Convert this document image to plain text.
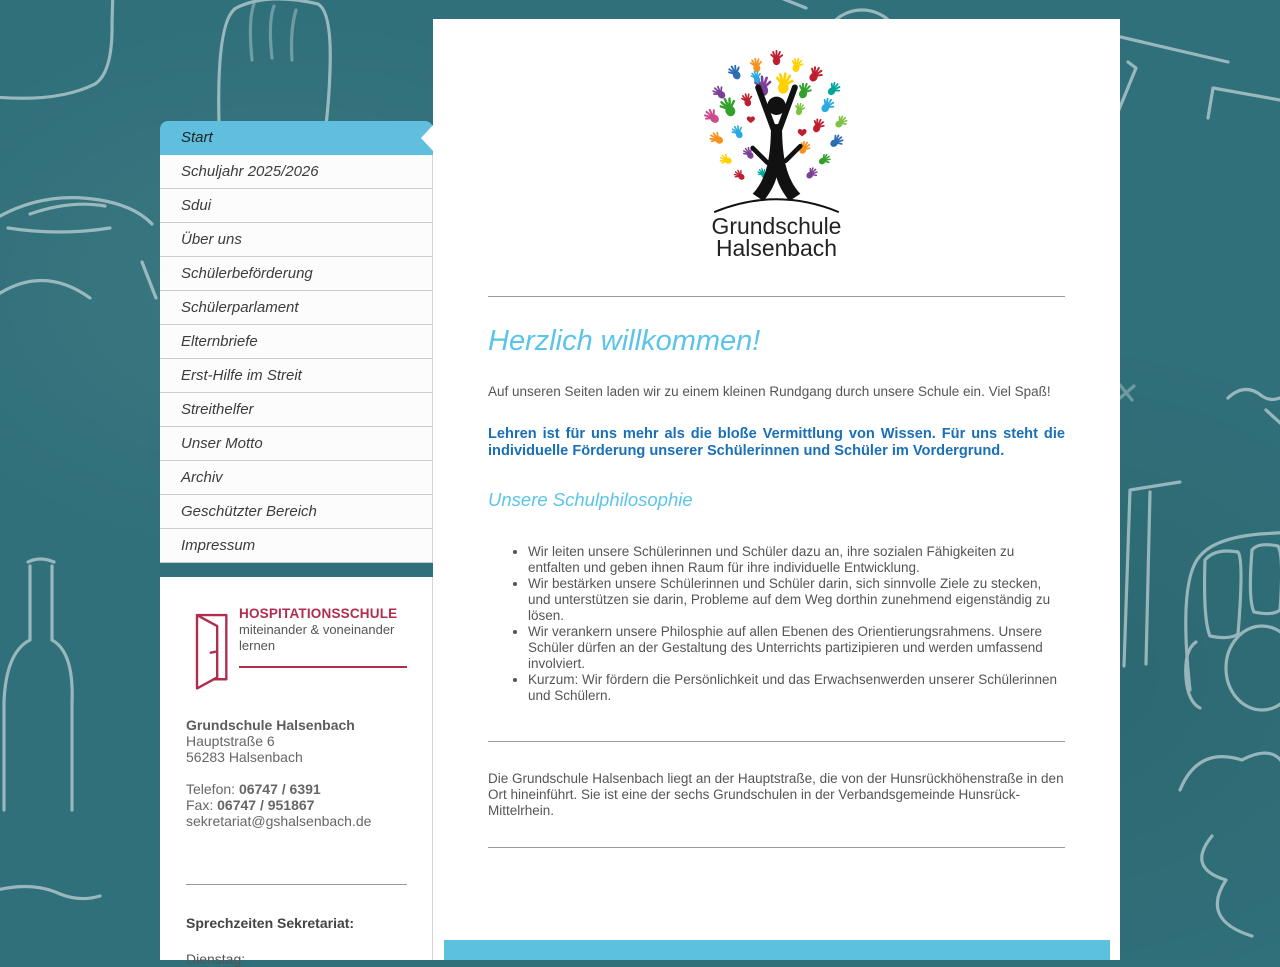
Grundschule
Halsenbach
Herzlich willkommen!

Auf unseren Seiten laden wir zu einem kleinen Rundgang durch unsere Schule ein. Viel Spaß!

Lehren ist für uns mehr als die bloße Vermittlung von Wissen. Für uns steht die individuelle Förderung unserer Schülerinnen und Schüler im Vordergrund.

Unsere Schulphilosophie
• Wir leiten unsere Schülerinnen und Schüler dazu an, ihre sozialen Fähigkeiten zu entfalten und geben ihnen Raum für ihre individuelle Entwicklung.
• Wir bestärken unsere Schülerinnen und Schüler darin, sich sinnvolle Ziele zu stecken, und unterstützen sie darin, Probleme auf dem Weg dorthin zunehmend eigenständig zu lösen.
• Wir verankern unsere Philosphie auf allen Ebenen des Orientierungsrahmens. Unsere Schüler dürfen an der Gestaltung des Unterrichts partizipieren und werden umfassend involviert.
• Kurzum: Wir fördern die Persönlichkeit und das Erwachsenwerden unserer Schülerinnen und Schülern.

Die Grundschule Halsenbach liegt an der Hauptstraße, die von der Hunsrückhöhenstraße in den Ort hineinführt. Sie ist eine der sechs Grundschulen in der Verbandsgemeinde Hunsrück-Mittelrhein.

Start
Schuljahr 2025/2026
Sdui
Über uns
Schülerbeförderung
Schülerparlament
Elternbriefe
Erst-Hilfe im Streit
Streithelfer
Unser Motto
Archiv
Geschützter Bereich
Impressum
HOSPITATIONSSCHULE
miteinander & voneinander
lernen
Grundschule Halsenbach
Hauptstraße 6
56283 Halsenbach
Telefon: 06747 / 6391
Fax: 06747 / 951867
sekretariat@gshalsenbach.de
Sprechzeiten Sekretariat:
Dienstag:
